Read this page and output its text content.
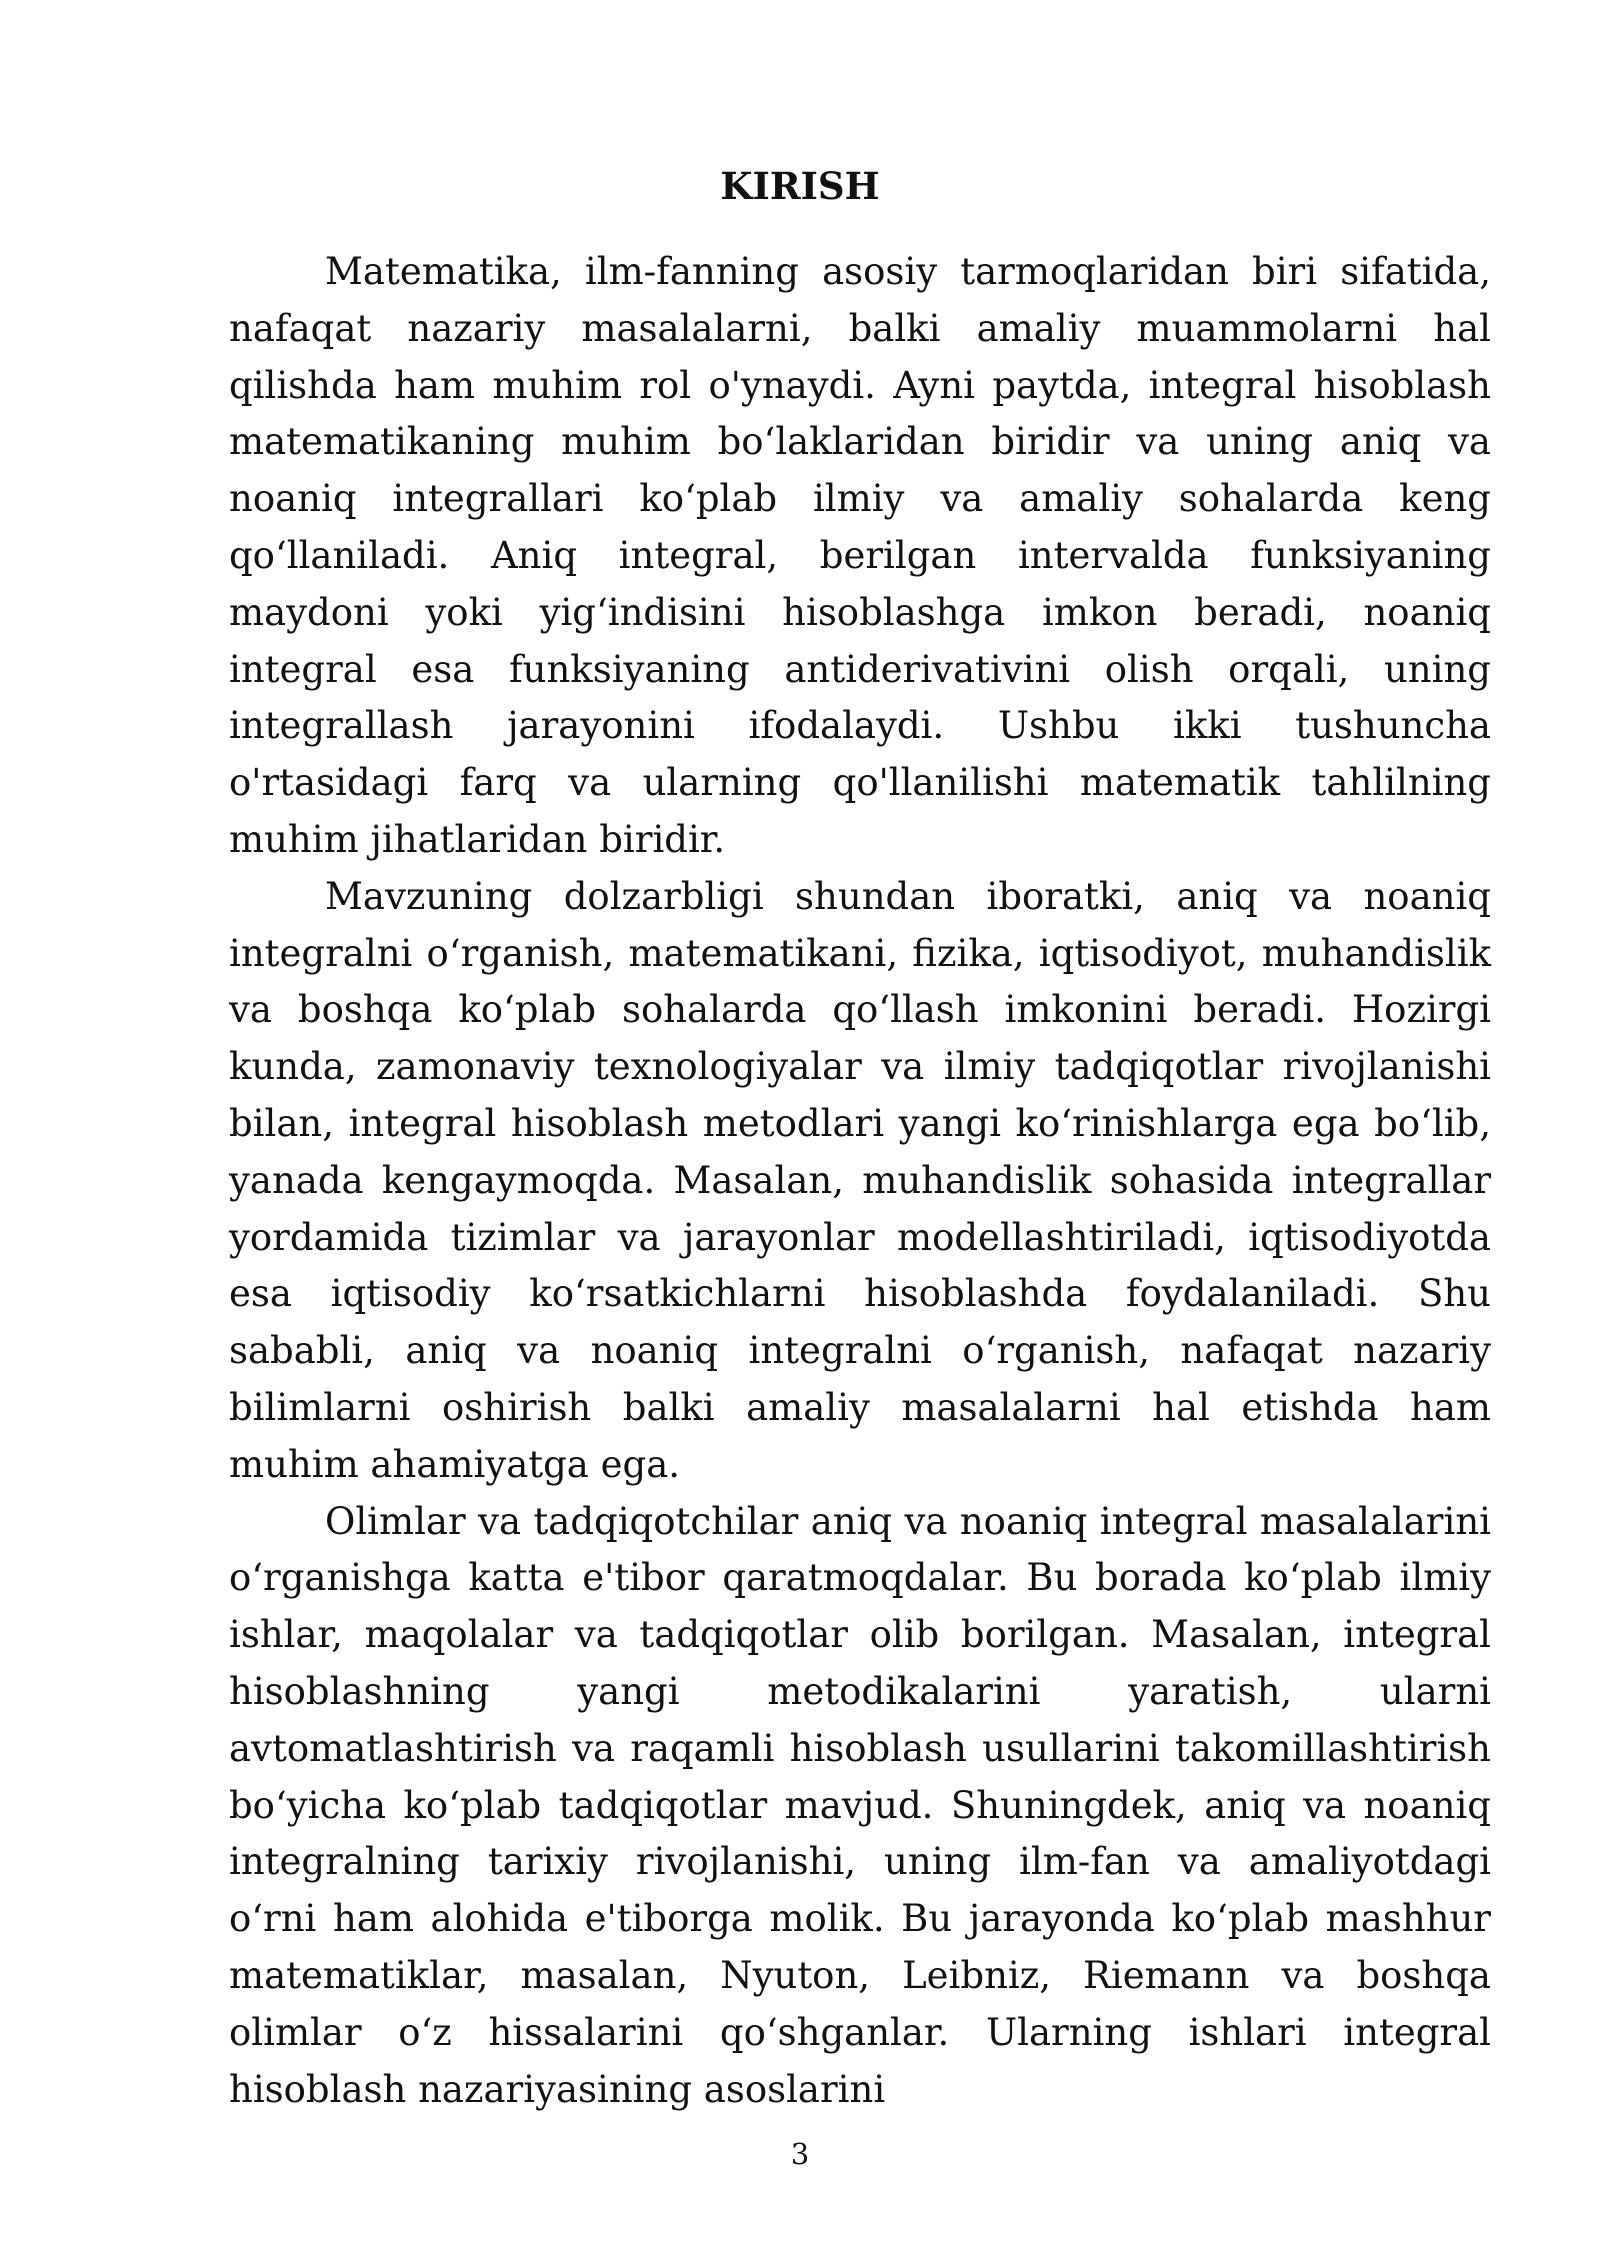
KIRISH

Matematika, ilm-fanning asosiy tarmoqlaridan biri sifatida, nafaqat nazariy masalalarni, balki amaliy muammolarni hal qilishda ham muhim rol o'ynaydi. Ayni paytda, integral hisoblash matematikaning muhim boʻlaklaridan biridir va uning aniq va noaniq integrallari koʻplab ilmiy va amaliy sohalarda keng qoʻllaniladi. Aniq integral, berilgan intervalda funksiyaning maydoni yoki yigʻindisini hisoblashga imkon beradi, noaniq integral esa funksiyaning antiderivativini olish orqali, uning integrallash jarayonini ifodalaydi. Ushbu ikki tushuncha o'rtasidagi farq va ularning qo'llanilishi matematik tahlilning muhim jihatlaridan biridir.

Mavzuning dolzarbligi shundan iboratki, aniq va noaniq integralni oʻrganish, matematikani, fizika, iqtisodiyot, muhandislik va boshqa koʻplab sohalarda qoʻllash imkonini beradi. Hozirgi kunda, zamonaviy texnologiyalar va ilmiy tadqiqotlar rivojlanishi bilan, integral hisoblash metodlari yangi koʻrinishlarga ega boʻlib, yanada kengaymoqda. Masalan, muhandislik sohasida integrallar yordamida tizimlar va jarayonlar modellashtiriladi, iqtisodiyotda esa iqtisodiy koʻrsatkichlarni hisoblashda foydalaniladi. Shu sababli, aniq va noaniq integralni oʻrganish, nafaqat nazariy bilimlarni oshirish balki amaliy masalalarni hal etishda ham muhim ahamiyatga ega.

Olimlar va tadqiqotchilar aniq va noaniq integral masalalarini oʻrganishga katta e'tibor qaratmoqdalar. Bu borada koʻplab ilmiy ishlar, maqolalar va tadqiqotlar olib borilgan. Masalan, integral hisoblashning yangi metodikalarini yaratish, ularni avtomatlashtirish va raqamli hisoblash usullarini takomillashtirish boʻyicha koʻplab tadqiqotlar mavjud. Shuningdek, aniq va noaniq integralning tarixiy rivojlanishi, uning ilm-fan va amaliyotdagi oʻrni ham alohida e'tiborga molik. Bu jarayonda koʻplab mashhur matematiklar, masalan, Nyuton, Leibniz, Riemann va boshqa olimlar oʻz hissalarini qoʻshganlar. Ularning ishlari integral hisoblash nazariyasining asoslarini

3
